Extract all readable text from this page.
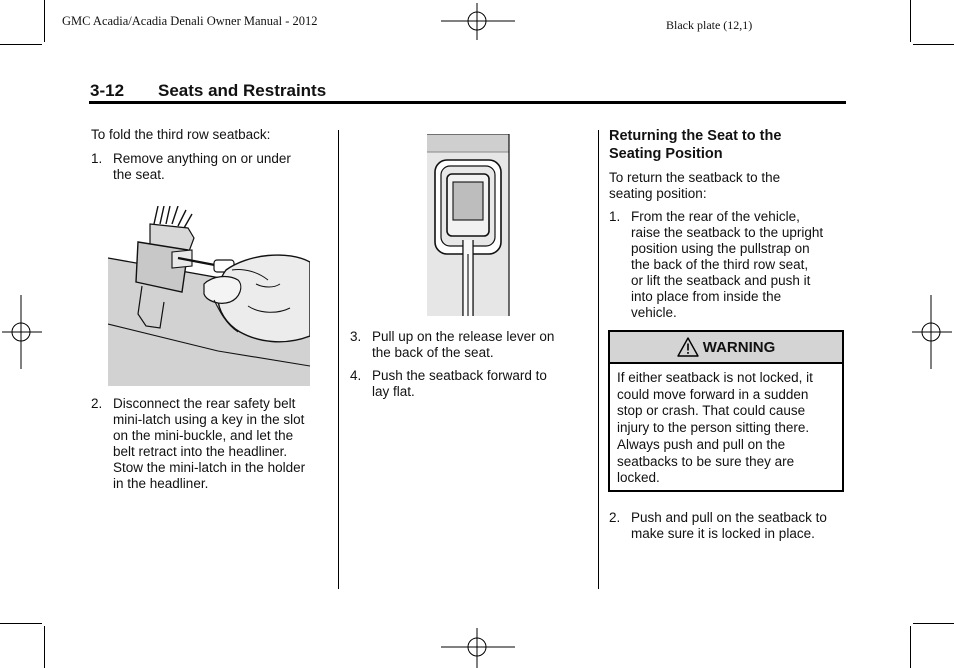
GMC Acadia/Acadia Denali Owner Manual - 2012	Black plate (12,1)
3-12 Seats and Restraints
To fold the third row seatback:
1. Remove anything on or under
the seat.
2. Disconnect the rear safety belt
mini-latch using a key in the slot
on the mini-buckle, and let the
belt retract into the headliner.
Stow the mini-latch in the holder
in the headliner.
3. Pull up on the release lever on
the back of the seat.
4. Push the seatback forward to
lay flat.
Returning the Seat to the
Seating Position
To return the seatback to the
seating position:
1. From the rear of the vehicle,
raise the seatback to the upright
position using the pullstrap on
the back of the third row seat,
or lift the seatback and push it
into place from inside the
vehicle.
WARNING
If either seatback is not locked, it
could move forward in a sudden
stop or crash. That could cause
injury to the person sitting there.
Always push and pull on the
seatbacks to be sure they are
locked.
2. Push and pull on the seatback to
make sure it is locked in place.
